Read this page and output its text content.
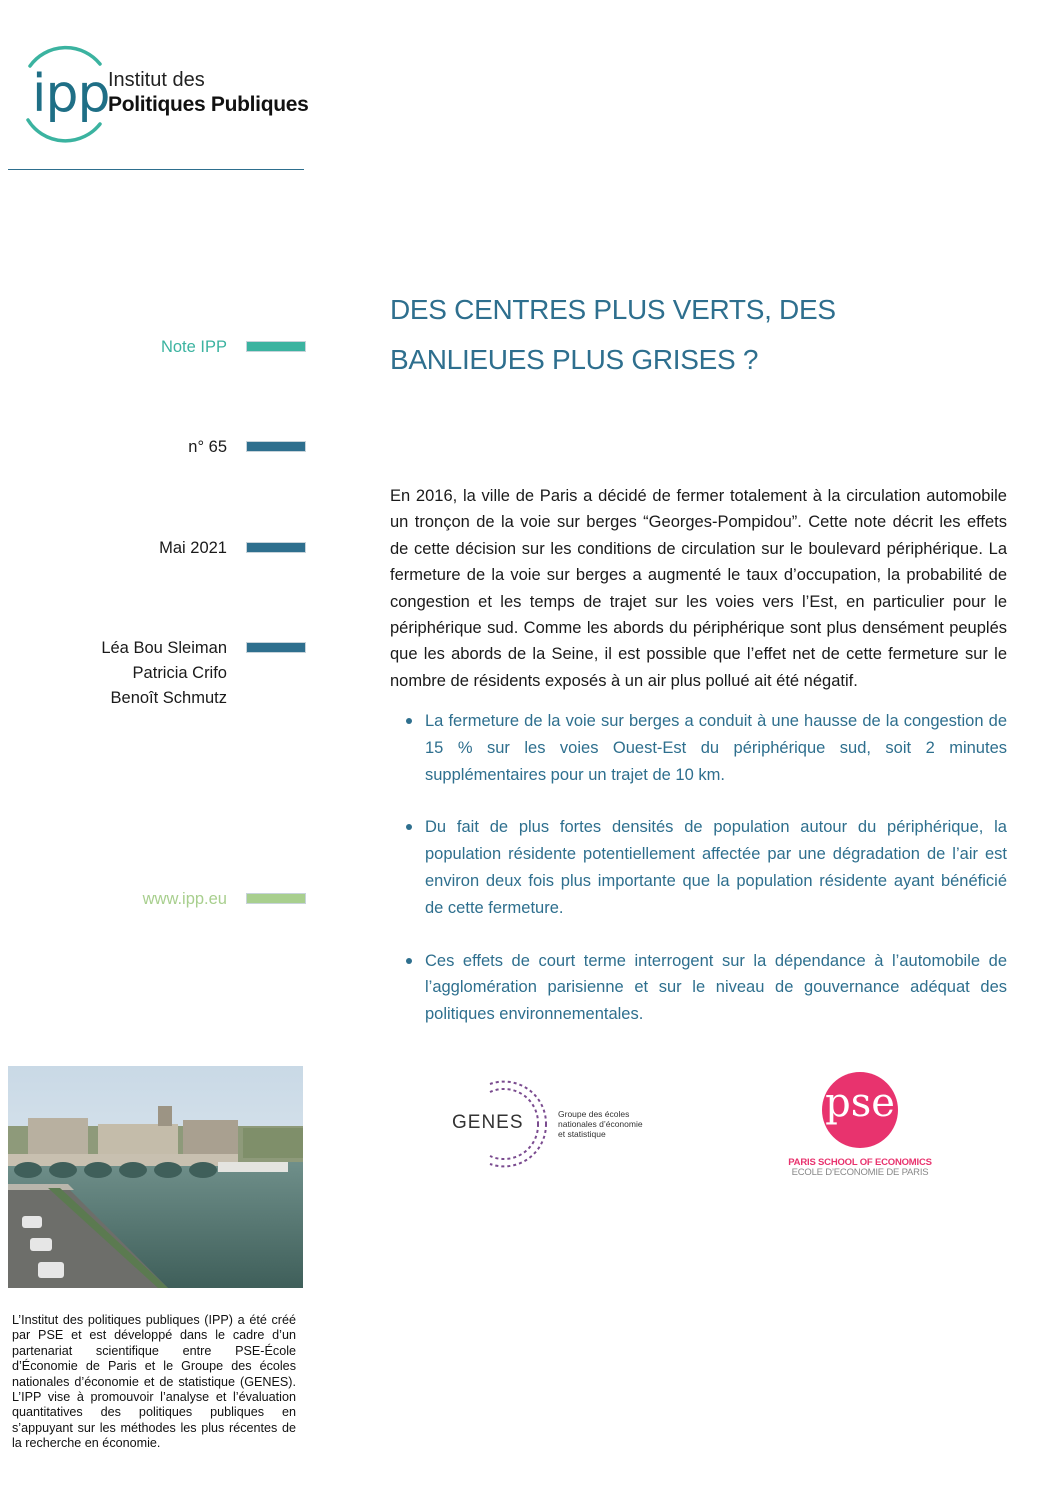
ipp
Institut des
Politiques Publiques
Note IPP
n° 65
Mai 2021
Léa Bou Sleiman
Patricia Crifo
Benoît Schmutz
www.ipp.eu
DES CENTRES PLUS VERTS, DES
BANLIEUES PLUS GRISES ?
En 2016, la ville de Paris a décidé de fermer totalement à la circulation automobile un tronçon de la voie sur berges “Georges-Pompidou”. Cette note décrit les effets de cette décision sur les conditions de circulation sur le boulevard périphérique. La fermeture de la voie sur berges a augmenté le taux d’occupation, la probabilité de congestion et les temps de trajet sur les voies vers l’Est, en particulier pour le périphérique sud. Comme les abords du périphérique sont plus densément peuplés que les abords de la Seine, il est possible que l’effet net de cette fermeture sur le nombre de résidents exposés à un air plus pollué ait été négatif.
La fermeture de la voie sur berges a conduit à une hausse de la congestion de 15 % sur les voies Ouest-Est du périphérique sud, soit 2 minutes supplémentaires pour un trajet de 10 km.
Du fait de plus fortes densités de population autour du périphérique, la population résidente potentiellement affectée par une dégradation de l’air est environ deux fois plus importante que la population résidente ayant bénéficié de cette fermeture.
Ces effets de court terme interrogent sur la dépendance à l’automobile de l’agglomération parisienne et sur le niveau de gouvernance adéquat des politiques environnementales.
GENES	Groupe des écoles
nationales d’économie
et statistique
pse
PARIS SCHOOL OF ECONOMICS
ECOLE D’ECONOMIE DE PARIS
L’Institut des politiques publiques (IPP) a été créé par PSE et est développé dans le cadre d’un partenariat scientifique entre PSE-École d’Économie de Paris et le Groupe des écoles nationales d’économie et de statistique (GENES). L’IPP vise à promouvoir l’analyse et l’évaluation quantitatives des politiques publiques en s’appuyant sur les méthodes les plus récentes de la recherche en économie.
